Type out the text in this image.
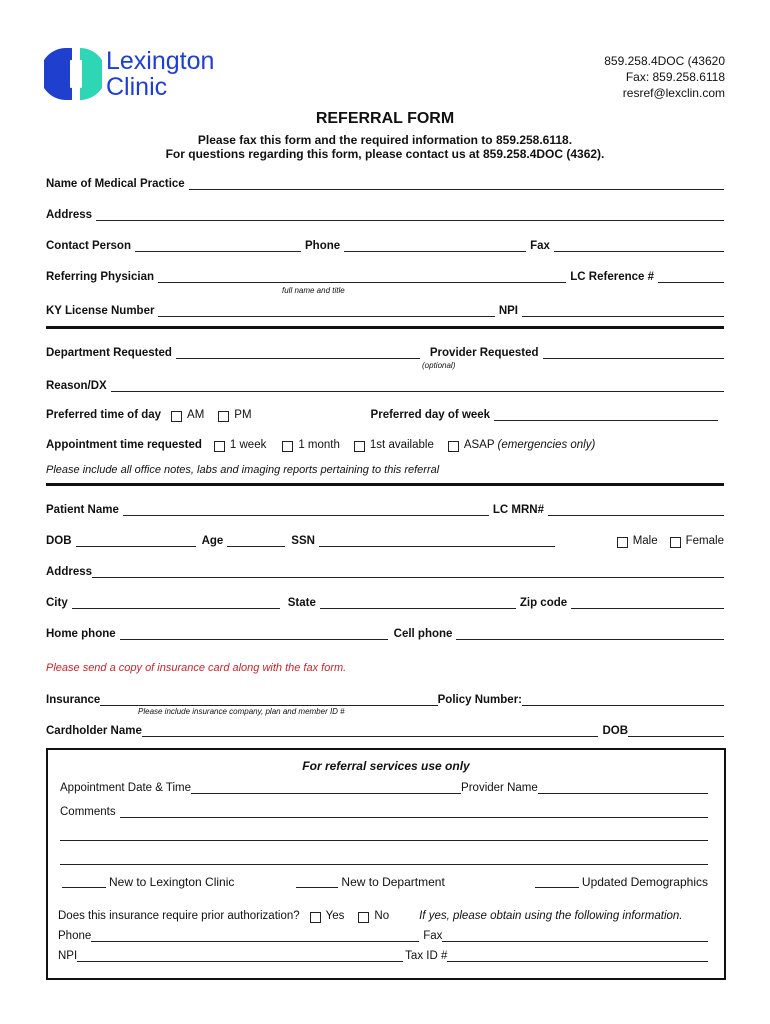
Lexington
Clinic
859.258.4DOC (43620
Fax: 859.258.6118
resref@lexclin.com
REFERRAL FORM
Please fax this form and the required information to 859.258.6118.
For questions regarding this form, please contact us at 859.258.4DOC (4362).
Name of Medical Practice
Address
Contact Person	Phone	Fax
Referring Physician	LC Reference #
full name and title
KY License Number	NPI
Department Requested	Provider Requested
(optional)
Reason/DX
Preferred time of day	AM	PM	Preferred day of week
Appointment time requested	1 week	1 month	1st available	ASAP (emergencies only)
Please include all office notes, labs and imaging reports pertaining to this referral
Patient Name	LC MRN#
DOB	Age	SSN	Male	Female
Address
City	State	Zip code
Home phone	Cell phone
Please send a copy of insurance card along with the fax form.
Insurance	Policy Number:
Please include insurance company, plan and member ID #
Cardholder Name	DOB
For referral services use only
Appointment Date & Time	Provider Name
Comments
New to Lexington Clinic	New to Department	Updated Demographics
Does this insurance require prior authorization?	Yes	No	If yes, please obtain using the following information.
Phone	Fax
NPI	Tax ID #
